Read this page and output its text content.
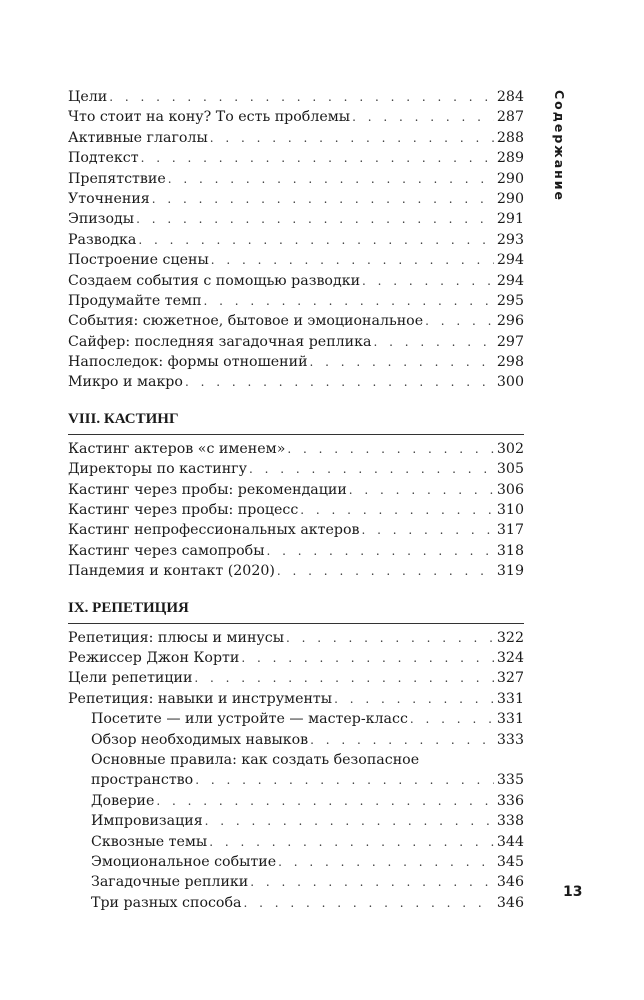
Содержание
Цели . . .	284
Что стоит на кону? То есть проблемы . . .	287
Активные глаголы . . .	288
Подтекст . . .	289
Препятствие . . .	290
Уточнения . . .	290
Эпизоды . . .	291
Разводка . . .	293
Построение сцены . . .	294
Создаем события с помощью разводки . . .	294
Продумайте темп . . .	295
События: сюжетное, бытовое и эмоциональное . . .	296
Сайфер: последняя загадочная реплика . . .	297
Напоследок: формы отношений . . .	298
Микро и макро . . .	300
VIII. КАСТИНГ
Кастинг актеров «с именем» . . .	302
Директоры по кастингу . . .	305
Кастинг через пробы: рекомендации . . .	306
Кастинг через пробы: процесс . . .	310
Кастинг непрофессиональных актеров . . .	317
Кастинг через самопробы . . .	318
Пандемия и контакт (2020) . . .	319
IX. РЕПЕТИЦИЯ
Репетиция: плюсы и минусы . . .	322
Режиссер Джон Корти . . .	324
Цели репетиции . . .	327
Репетиция: навыки и инструменты . . .	331
Посетите — или устройте — мастер-класс . . .	331
Обзор необходимых навыков . . .	333
Основные правила: как создать безопасное
пространство . . .	335
Доверие . . .	336
Импровизация . . .	338
Сквозные темы . . .	344
Эмоциональное событие . . .	345
Загадочные реплики . . .	346
Три разных способа . . .	346
13
